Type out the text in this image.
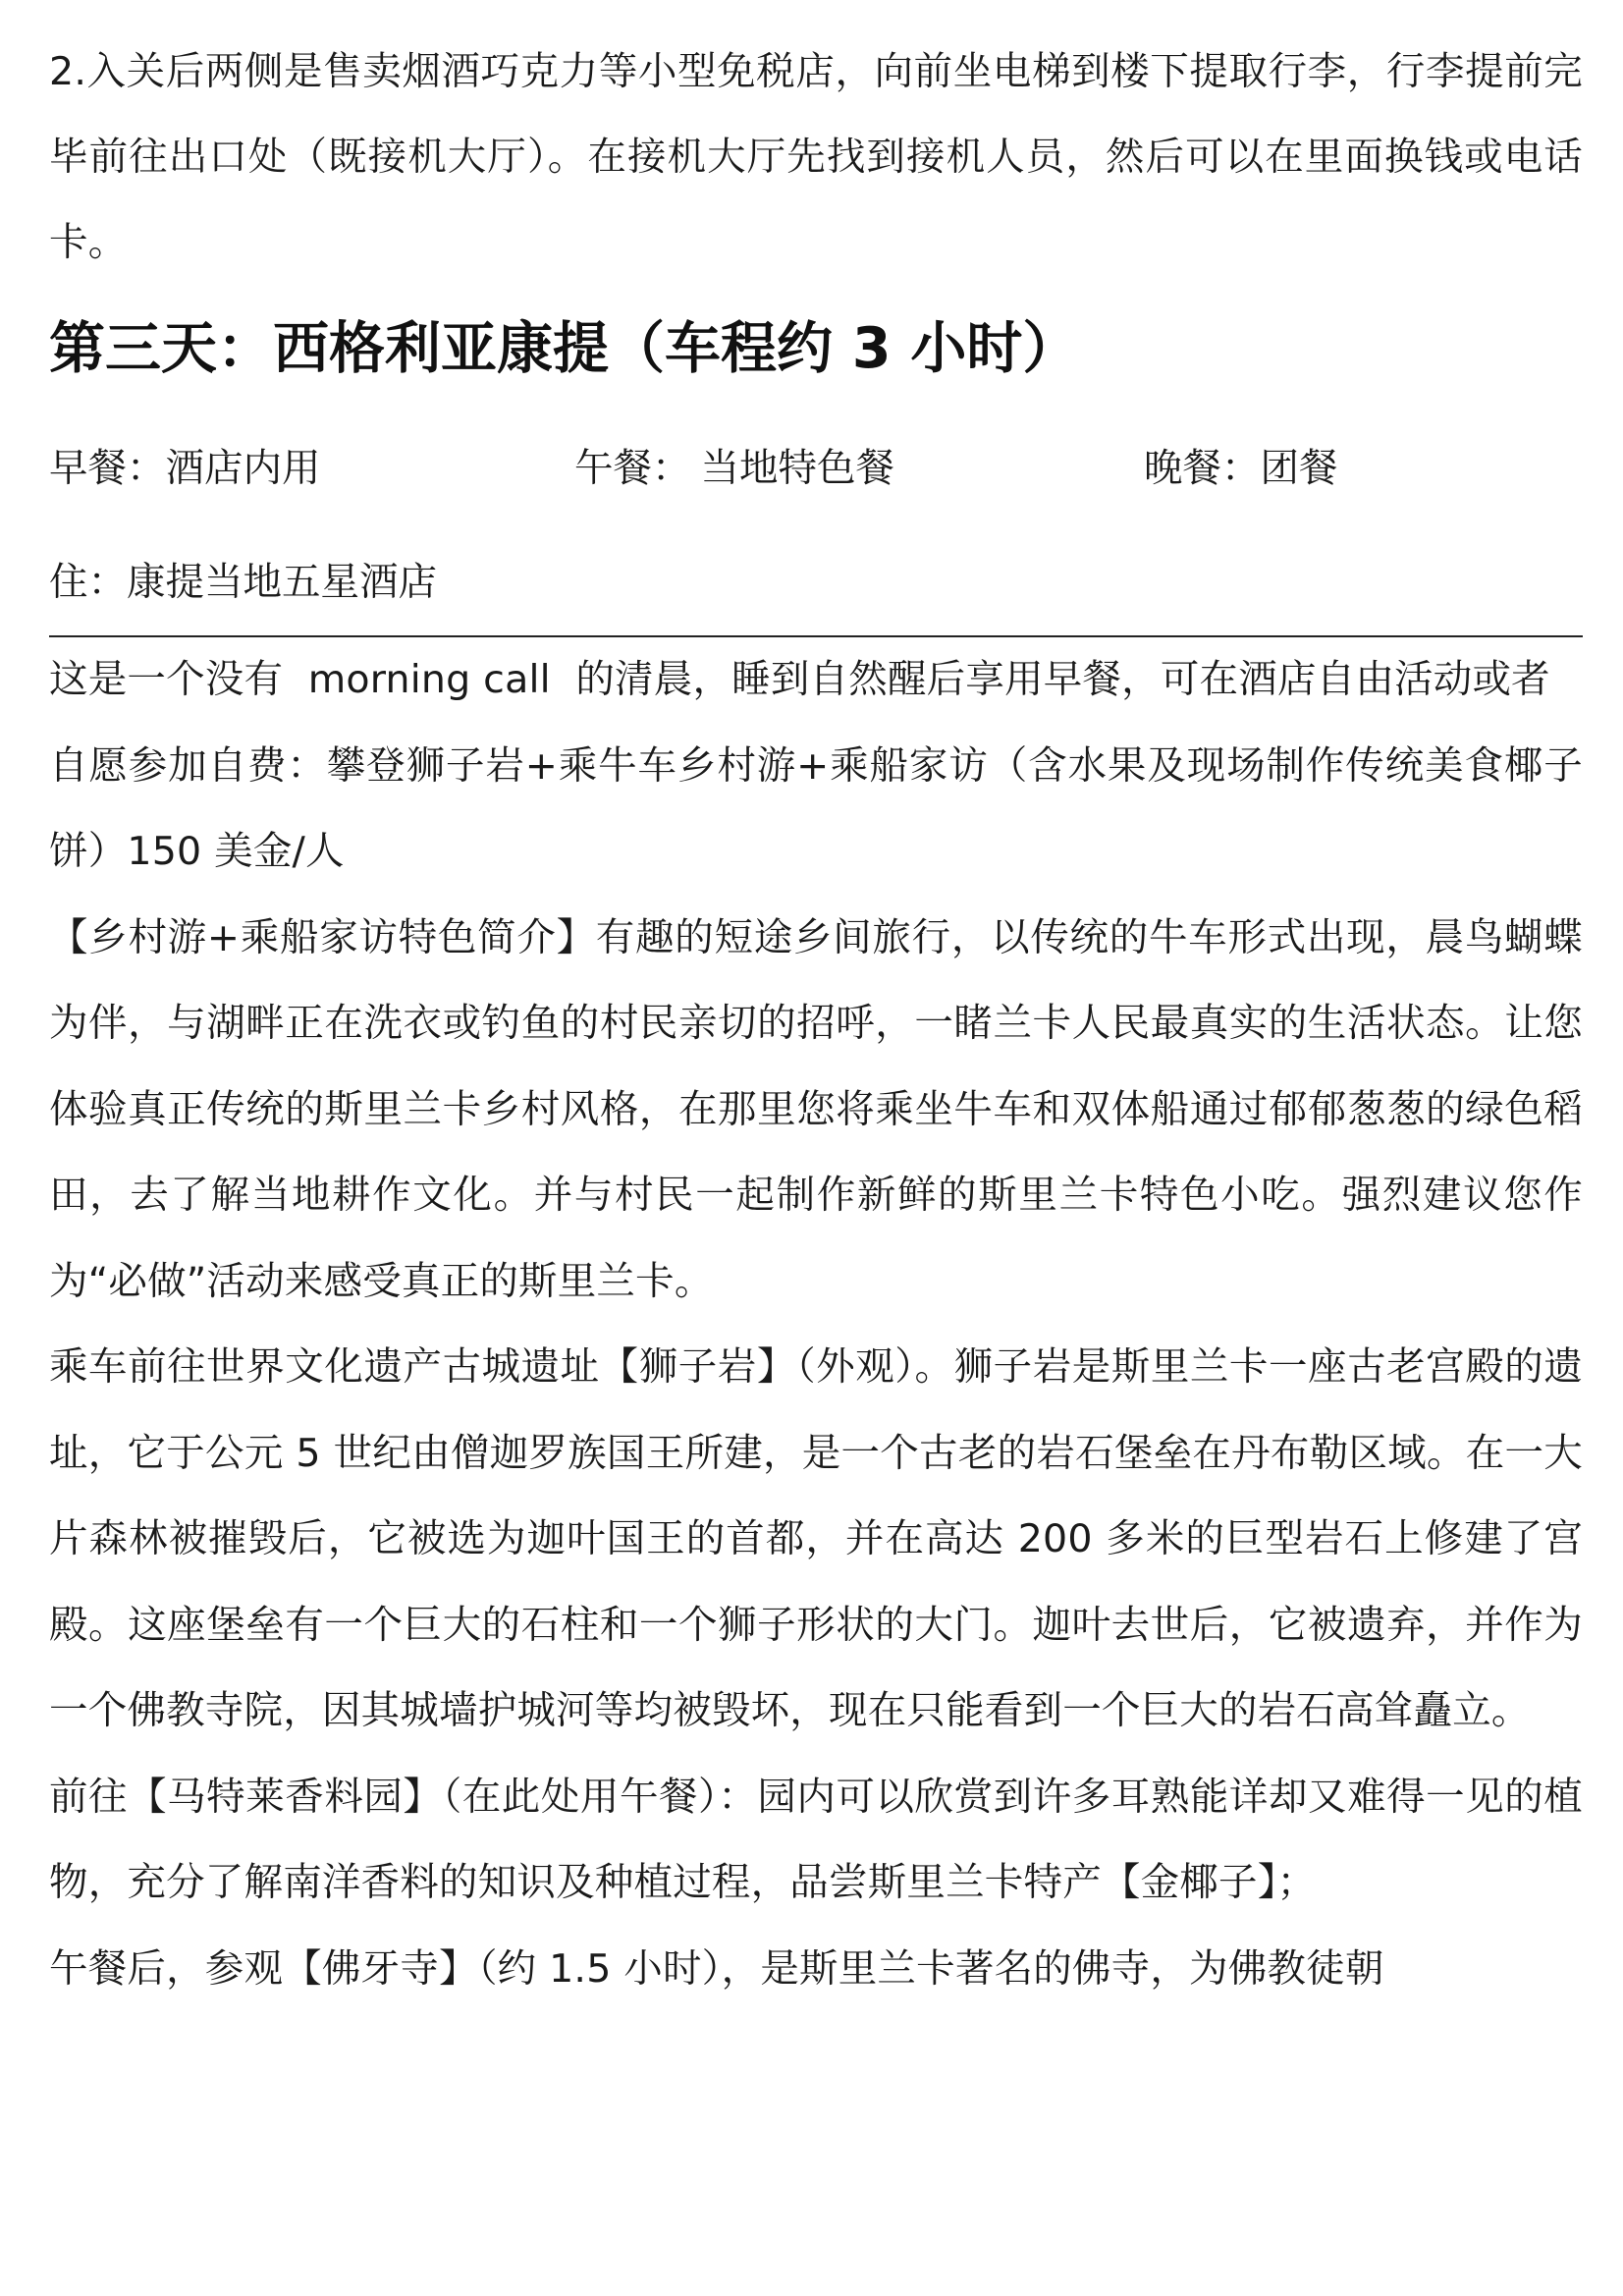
2.入关后两侧是售卖烟酒巧克力等小型免税店，向前坐电梯到楼下提取行李，行李提前完毕前往出口处（既接机大厅）。在接机大厅先找到接机人员，然后可以在里面换钱或电话卡。

第三天：西格利亚康提（车程约 3 小时）
早餐：酒店内用	午餐： 当地特色餐	晚餐：团餐
住：康提当地五星酒店

这是一个没有  morning call  的清晨，睡到自然醒后享用早餐，可在酒店自由活动或者

自愿参加自费：攀登狮子岩+乘牛车乡村游+乘船家访（含水果及现场制作传统美食椰子饼）150 美金/人

【乡村游+乘船家访特色简介】有趣的短途乡间旅行，以传统的牛车形式出现，晨鸟蝴蝶为伴，与湖畔正在洗衣或钓鱼的村民亲切的招呼，一睹兰卡人民最真实的生活状态。让您体验真正传统的斯里兰卡乡村风格，在那里您将乘坐牛车和双体船通过郁郁葱葱的绿色稻田，去了解当地耕作文化。并与村民一起制作新鲜的斯里兰卡特色小吃。强烈建议您作为“必做”活动来感受真正的斯里兰卡。

乘车前往世界文化遗产古城遗址【狮子岩】（外观）。狮子岩是斯里兰卡一座古老宫殿的遗址，它于公元 5 世纪由僧迦罗族国王所建，是一个古老的岩石堡垒在丹布勒区域。在一大片森林被摧毁后，它被选为迦叶国王的首都，并在高达 200 多米的巨型岩石上修建了宫殿。这座堡垒有一个巨大的石柱和一个狮子形状的大门。迦叶去世后，它被遗弃，并作为一个佛教寺院，因其城墙护城河等均被毁坏，现在只能看到一个巨大的岩石高耸矗立。

前往【马特莱香料园】（在此处用午餐）：园内可以欣赏到许多耳熟能详却又难得一见的植物，充分了解南洋香料的知识及种植过程，品尝斯里兰卡特产【金椰子】；

午餐后，参观【佛牙寺】（约 1.5 小时），是斯里兰卡著名的佛寺，为佛教徒朝
